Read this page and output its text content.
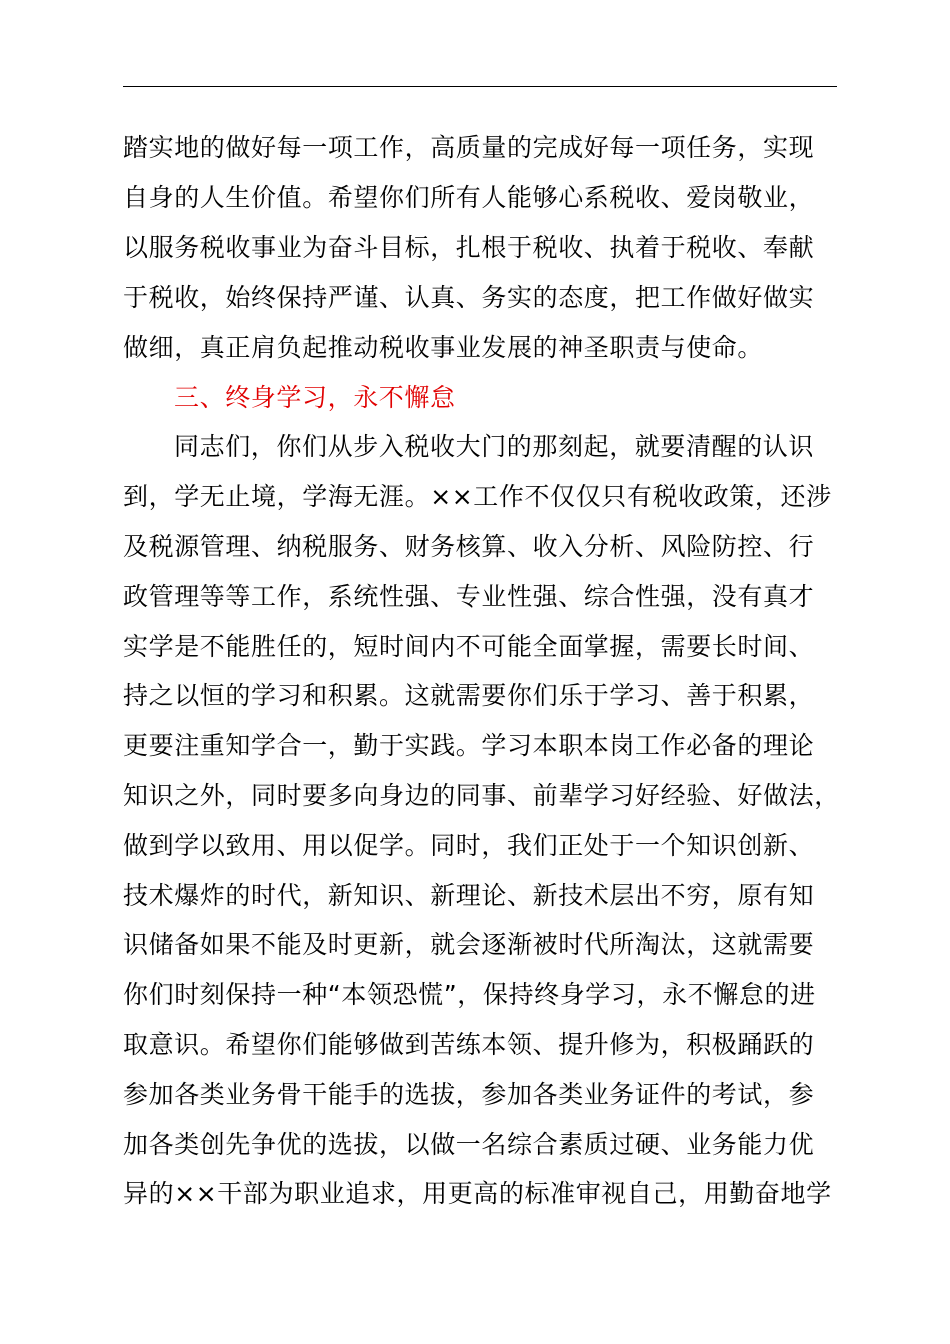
踏实地的做好每一项工作，高质量的完成好每一项任务，实现
自身的人生价值。希望你们所有人能够心系税收、爱岗敬业，
以服务税收事业为奋斗目标，扎根于税收、执着于税收、奉献
于税收，始终保持严谨、认真、务实的态度，把工作做好做实
做细，真正肩负起推动税收事业发展的神圣职责与使命。
三、终身学习，永不懈怠
同志们，你们从步入税收大门的那刻起，就要清醒的认识
到，学无止境，学海无涯。××工作不仅仅只有税收政策，还涉
及税源管理、纳税服务、财务核算、收入分析、风险防控、行
政管理等等工作，系统性强、专业性强、综合性强，没有真才
实学是不能胜任的，短时间内不可能全面掌握，需要长时间、
持之以恒的学习和积累。这就需要你们乐于学习、善于积累，
更要注重知学合一，勤于实践。学习本职本岗工作必备的理论
知识之外，同时要多向身边的同事、前辈学习好经验、好做法，
做到学以致用、用以促学。同时，我们正处于一个知识创新、
技术爆炸的时代，新知识、新理论、新技术层出不穷，原有知
识储备如果不能及时更新，就会逐渐被时代所淘汰，这就需要
你们时刻保持一种“本领恐慌”，保持终身学习，永不懈怠的进
取意识。希望你们能够做到苦练本领、提升修为，积极踊跃的
参加各类业务骨干能手的选拔，参加各类业务证件的考试，参
加各类创先争优的选拔，以做一名综合素质过硬、业务能力优
异的××干部为职业追求，用更高的标准审视自己，用勤奋地学
